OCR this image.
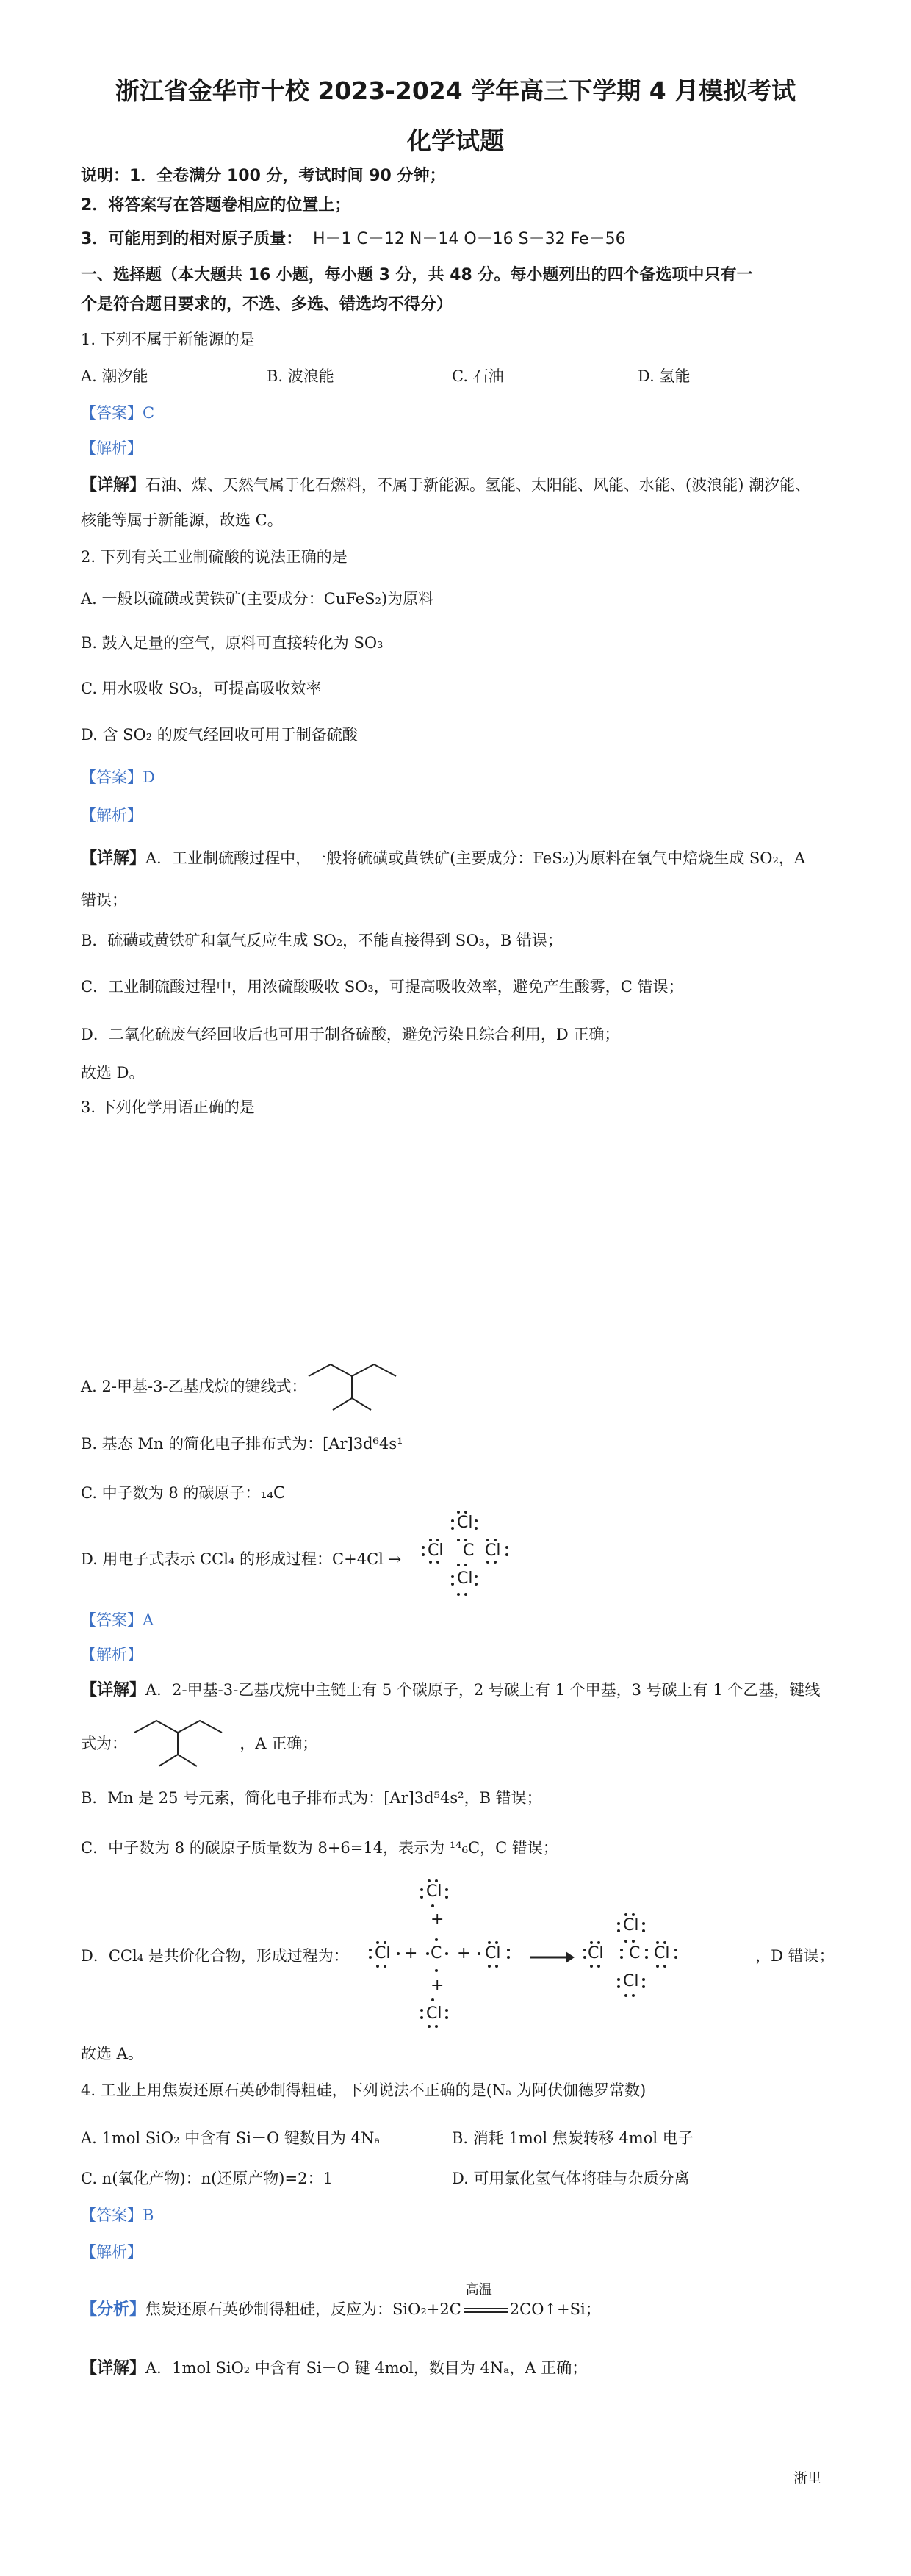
浙江省金华市十校 2023-2024 学年高三下学期 4 月模拟考试
化学试题
说明：1．全卷满分 100 分，考试时间 90 分钟；
2．将答案写在答题卷相应的位置上；
3．可能用到的相对原子质量： H－1 C－12 N－14 O－16 S－32 Fe－56
一、选择题（本大题共 16 小题，每小题 3 分，共 48 分。每小题列出的四个备选项中只有一
个是符合题目要求的，不选、多选、错选均不得分）
1. 下列不属于新能源的是
A. 潮汐能	B. 波浪能	C. 石油	D. 氢能
【答案】C
【解析】
【详解】石油、煤、天然气属于化石燃料，不属于新能源。氢能、太阳能、风能、水能、(波浪能) 潮汐能、
核能等属于新能源，故选 C。
2. 下列有关工业制硫酸的说法正确的是
A. 一般以硫磺或黄铁矿(主要成分：CuFeS₂)为原料
B. 鼓入足量的空气，原料可直接转化为 SO₃
C. 用水吸收 SO₃，可提高吸收效率
D. 含 SO₂ 的废气经回收可用于制备硫酸
【答案】D
【解析】
【详解】A．工业制硫酸过程中，一般将硫磺或黄铁矿(主要成分：FeS₂)为原料在氧气中焙烧生成 SO₂，A
错误；
B．硫磺或黄铁矿和氧气反应生成 SO₂，不能直接得到 SO₃，B 错误；
C．工业制硫酸过程中，用浓硫酸吸收 SO₃，可提高吸收效率，避免产生酸雾，C 错误；
D．二氧化硫废气经回收后也可用于制备硫酸，避免污染且综合利用，D 正确；
故选 D。
3. 下列化学用语正确的是
A. 2-甲基-3-乙基戊烷的键线式：
B. 基态 Mn 的简化电子排布式为：[Ar]3d⁶4s¹
C. 中子数为 8 的碳原子：₁₄C
D. 用电子式表示 CCl₄ 的形成过程：C+4Cl →
Cl
Cl C Cl
Cl
【答案】A
【解析】
【详解】A．2-甲基-3-乙基戊烷中主链上有 5 个碳原子，2 号碳上有 1 个甲基，3 号碳上有 1 个乙基，键线
式为：	，A 正确；
B．Mn 是 25 号元素，简化电子排布式为：[Ar]3d⁵4s²，B 错误；
C．中子数为 8 的碳原子质量数为 8+6=14，表示为 ¹⁴₆C，C 错误；
D．CCl₄ 是共价化合物，形成过程为：	，D 错误；
Cl
+
Cl + C + Cl
+
Cl
Cl
Cl C Cl
Cl
故选 A。
4. 工业上用焦炭还原石英砂制得粗硅，下列说法不正确的是(Nₐ 为阿伏伽德罗常数)
A. 1mol SiO₂ 中含有 Si－O 键数目为 4Nₐ	B. 消耗 1mol 焦炭转移 4mol 电子
C. n(氧化产物)：n(还原产物)=2：1	D. 可用氯化氢气体将硅与杂质分离
【答案】B
【解析】
【分析】焦炭还原石英砂制得粗硅，反应为：SiO₂+2C
高温
2CO↑+Si；
【详解】A．1mol SiO₂ 中含有 Si－O 键 4mol，数目为 4Nₐ，A 正确；
浙里
